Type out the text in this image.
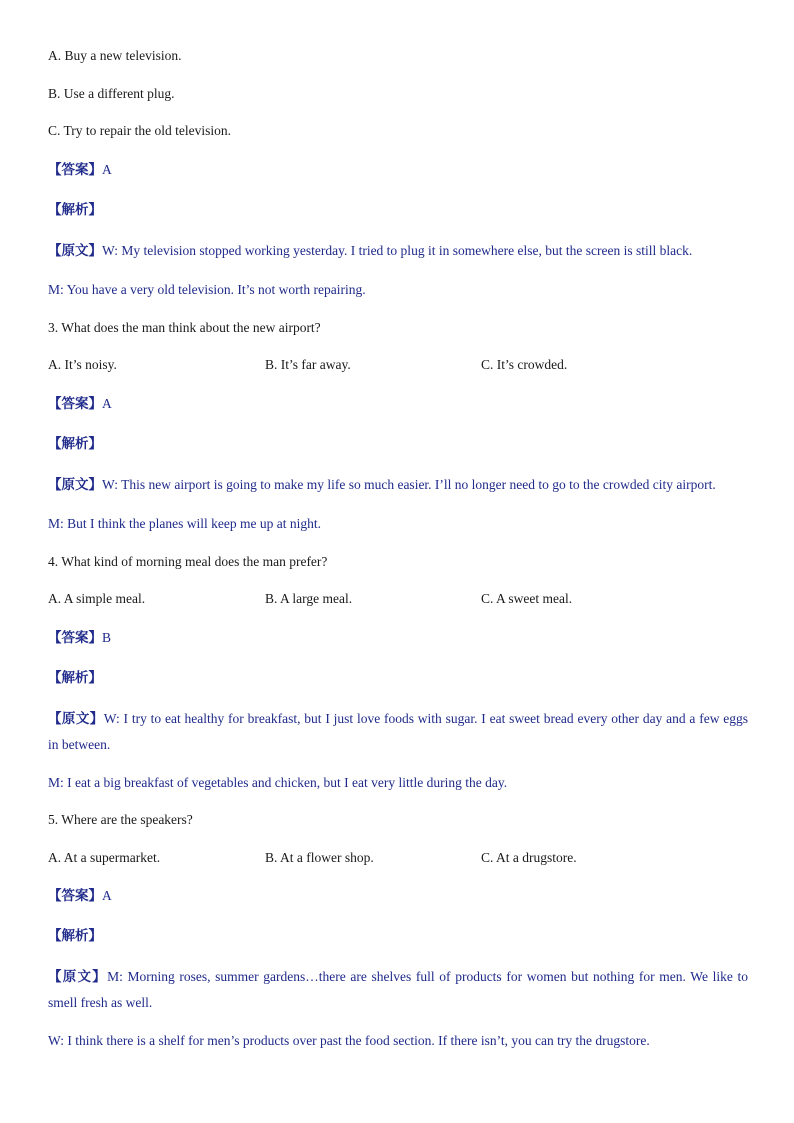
A. Buy a new television.
B. Use a different plug.
C. Try to repair the old television.
【答案】A
【解析】
【原文】W: My television stopped working yesterday. I tried to plug it in somewhere else, but the screen is still black.
M: You have a very old television. It’s not worth repairing.
3. What does the man think about the new airport?
A. It’s noisy.	B. It’s far away.	C. It’s crowded.
【答案】A
【解析】
【原文】W: This new airport is going to make my life so much easier. I’ll no longer need to go to the crowded city airport.
M: But I think the planes will keep me up at night.
4. What kind of morning meal does the man prefer?
A. A simple meal.	B. A large meal.	C. A sweet meal.
【答案】B
【解析】
【原文】W: I try to eat healthy for breakfast, but I just love foods with sugar. I eat sweet bread every other day and a few eggs in between.
M: I eat a big breakfast of vegetables and chicken, but I eat very little during the day.
5. Where are the speakers?
A. At a supermarket.	B. At a flower shop.	C. At a drugstore.
【答案】A
【解析】
【原文】M: Morning roses, summer gardens…there are shelves full of products for women but nothing for men. We like to smell fresh as well.
W: I think there is a shelf for men’s products over past the food section. If there isn’t, you can try the drugstore.
